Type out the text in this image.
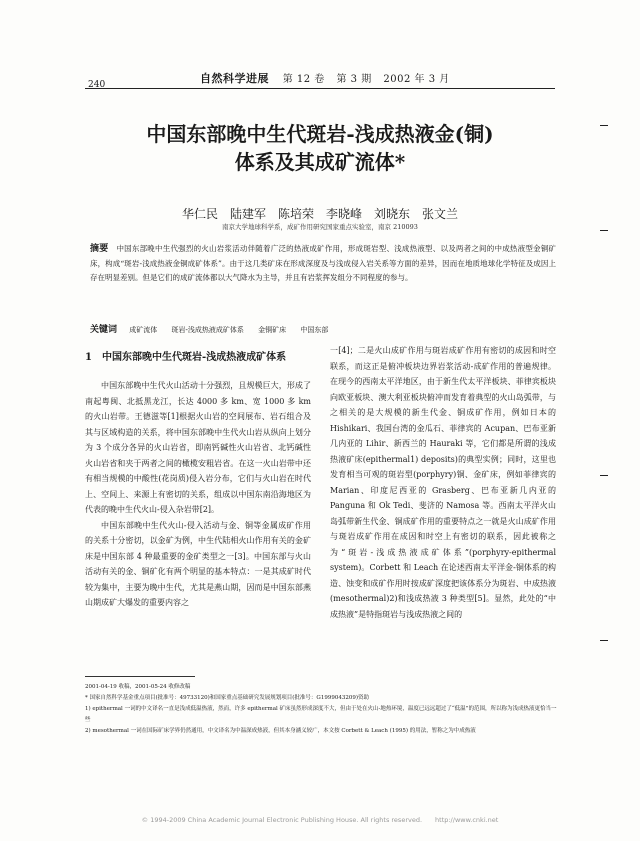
240	自然科学进展 第 12 卷 第 3 期 2002 年 3 月
中国东部晚中生代斑岩-浅成热液金(铜)
体系及其成矿流体*
华仁民　陆建军　陈培荣　李晓峰　刘晓东　张文兰
南京大学地球科学系，成矿作用研究国家重点实验室，南京 210093
摘要 中国东部晚中生代强烈的火山岩浆活动伴随着广泛的热液成矿作用，形成斑岩型、浅成热液型、以及两者之间的中成热液型金铜矿床，构成“斑岩-浅成热液金铜成矿体系”。由于这几类矿床在形成深度及与浅成侵入岩关系等方面的差异，因而在地质地球化学特征及成因上存在明显差别。但是它们的成矿流体都以大气降水为主导，并且有岩浆挥发组分不同程度的参与。
关键词 成矿流体 斑岩-浅成热液成矿体系 金铜矿床 中国东部
1　中国东部晚中生代斑岩-浅成热液成矿体系

中国东部晚中生代火山活动十分强烈，且规模巨大，形成了南起粤闽、北抵黑龙江，长达 4000 多 km、宽 1000 多 km 的火山岩带。王德滋等[1]根据火山岩的空间展布、岩石组合及其与区域构造的关系，将中国东部晚中生代火山岩从纵向上划分为 3 个成分各异的火山岩省，即南钙碱性火山岩省、北钙碱性火山岩省和夹于两者之间的橄榄安粗岩省。在这一火山岩带中还有相当规模的中酸性(花岗质)侵入岩分布，它们与火山岩在时代上、空间上、来源上有密切的关系，组成以中国东南沿海地区为代表的晚中生代火山-侵入杂岩带[2]。

中国东部晚中生代火山-侵入活动与金、铜等金属成矿作用的关系十分密切，以金矿为例，中生代陆相火山作用有关的金矿床是中国东部 4 种最重要的金矿类型之一[3]。中国东部与火山活动有关的金、铜矿化有两个明显的基本特点：一是其成矿时代较为集中，主要为晚中生代，尤其是燕山期，因而是中国东部燕山期成矿大爆发的重要内容之

一[4]；二是火山成矿作用与斑岩成矿作用有密切的成因和时空联系，而这正是俯冲板块边界岩浆活动-成矿作用的普遍规律。在现今的西南太平洋地区，由于新生代太平洋板块、菲律宾板块向欧亚板块、澳大利亚板块俯冲而发育着典型的火山岛弧带，与之相关的是大规模的新生代金、铜成矿作用，例如日本的 Hishikari、我国台湾的金瓜石、菲律宾的 Acupan、巴布亚新几内亚的 Lihir、新西兰的 Hauraki 等，它们都是所谓的浅成热液矿床(epithermal1) deposits)的典型实例；同时，这里也发育相当可观的斑岩型(porphyry)铜、金矿床，例如菲律宾的 Marian、印度尼西亚的 Grasberg、巴布亚新几内亚的 Panguna 和 Ok Tedi、斐济的 Namosa 等。西南太平洋火山岛弧带新生代金、铜成矿作用的重要特点之一就是火山成矿作用与斑岩成矿作用在成因和时空上有密切的联系，因此被称之为“斑岩-浅成热液成矿体系”(porphyry-epithermal system)。Corbett 和 Leach 在论述西南太平洋金-铜体系的构造、蚀变和成矿作用时按成矿深度把该体系分为斑岩、中成热液(mesothermal)2)和浅成热液 3 种类型[5]。显然，此处的“中成热液”是特指斑岩与浅成热液之间的

2001-04-19 收稿，2001-05-24 收修改稿
* 国家自然科学基金重点项目(批准号：49733120)和国家重点基础研究发展规划项目(批准号：G1999043209)资助
1) epithermal 一词的中文译名一直是浅成低温热液，然而，许多 epithermal 矿床虽然形成深度不大，但由于处在火山-地热环境，温度已远远超过了“低温”的范围，所以称为浅成热液更恰当一些
2) mesothermal 一词在国际矿床学界仍然通用，中文译名为中温深成热液，但其本身涵义较广，本文按 Corbett & Leach (1995) 的用法，暂称之为中成热液
© 1994-2009 China Academic Journal Electronic Publishing House. All rights reserved.　　http://www.cnki.net
